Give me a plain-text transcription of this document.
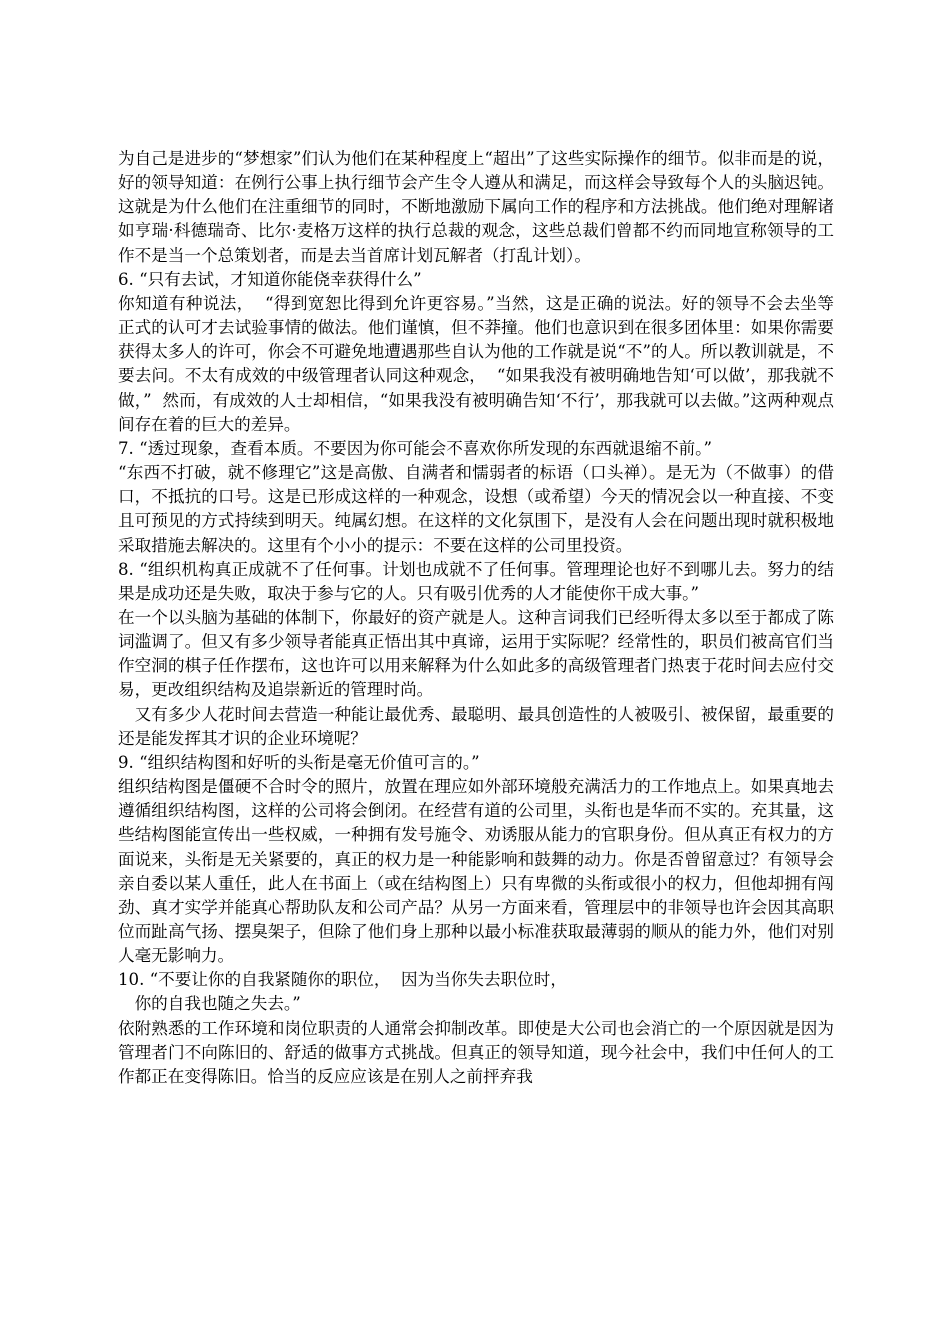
为自己是进步的“梦想家”们认为他们在某种程度上“超出”了这些实际操作的细节。似非而是的说，好的领导知道：在例行公事上执行细节会产生令人遵从和满足，而这样会导致每个人的头脑迟钝。这就是为什么他们在注重细节的同时，不断地激励下属向工作的程序和方法挑战。他们绝对理解诸如亨瑞·科德瑞奇、比尔·麦格万这样的执行总裁的观念，这些总裁们曾都不约而同地宣称领导的工作不是当一个总策划者，而是去当首席计划瓦解者（打乱计划）。

6. “只有去试，才知道你能侥幸获得什么”

你知道有种说法，  “得到宽恕比得到允许更容易。”当然，这是正确的说法。好的领导不会去坐等正式的认可才去试验事情的做法。他们谨慎，但不莽撞。他们也意识到在很多团体里：如果你需要获得太多人的许可，你会不可避免地遭遇那些自认为他的工作就是说“不”的人。所以教训就是，不要去问。不太有成效的中级管理者认同这种观念，  “如果我没有被明确地告知‘可以做’，那我就不做，”  然而，有成效的人士却相信，“如果我没有被明确告知‘不行’，那我就可以去做。”这两种观点间存在着的巨大的差异。

7. “透过现象，查看本质。不要因为你可能会不喜欢你所发现的东西就退缩不前。”

“东西不打破，就不修理它”这是高傲、自满者和懦弱者的标语（口头禅）。是无为（不做事）的借口，不抵抗的口号。这是已形成这样的一种观念，设想（或希望）今天的情况会以一种直接、不变且可预见的方式持续到明天。纯属幻想。在这样的文化氛围下，是没有人会在问题出现时就积极地采取措施去解决的。这里有个小小的提示：不要在这样的公司里投资。

8. “组织机构真正成就不了任何事。计划也成就不了任何事。管理理论也好不到哪儿去。努力的结果是成功还是失败，取决于参与它的人。只有吸引优秀的人才能使你干成大事。”

在一个以头脑为基础的体制下，你最好的资产就是人。这种言词我们已经听得太多以至于都成了陈词滥调了。但又有多少领导者能真正悟出其中真谛，运用于实际呢？经常性的，职员们被高官们当作空洞的棋子任作摆布，这也许可以用来解释为什么如此多的高级管理者门热衷于花时间去应付交易，更改组织结构及追崇新近的管理时尚。

又有多少人花时间去营造一种能让最优秀、最聪明、最具创造性的人被吸引、被保留，最重要的还是能发挥其才识的企业环境呢？

9. “组织结构图和好听的头衔是毫无价值可言的。”

组织结构图是僵硬不合时令的照片，放置在理应如外部环境般充满活力的工作地点上。如果真地去遵循组织结构图，这样的公司将会倒闭。在经营有道的公司里，头衔也是华而不实的。充其量，这些结构图能宣传出一些权威，一种拥有发号施令、劝诱服从能力的官职身份。但从真正有权力的方面说来，头衔是无关紧要的，真正的权力是一种能影响和鼓舞的动力。你是否曾留意过？有领导会亲自委以某人重任，此人在书面上（或在结构图上）只有卑微的头衔或很小的权力，但他却拥有闯劲、真才实学并能真心帮助队友和公司产品？从另一方面来看，管理层中的非领导也许会因其高职位而趾高气扬、摆臭架子，但除了他们身上那种以最小标准获取最薄弱的顺从的能力外，他们对别人毫无影响力。

10. “不要让你的自我紧随你的职位，  因为当你失去职位时，

你的自我也随之失去。”

依附熟悉的工作环境和岗位职责的人通常会抑制改革。即使是大公司也会消亡的一个原因就是因为管理者门不向陈旧的、舒适的做事方式挑战。但真正的领导知道，现今社会中，我们中任何人的工作都正在变得陈旧。恰当的反应应该是在别人之前抨弃我
